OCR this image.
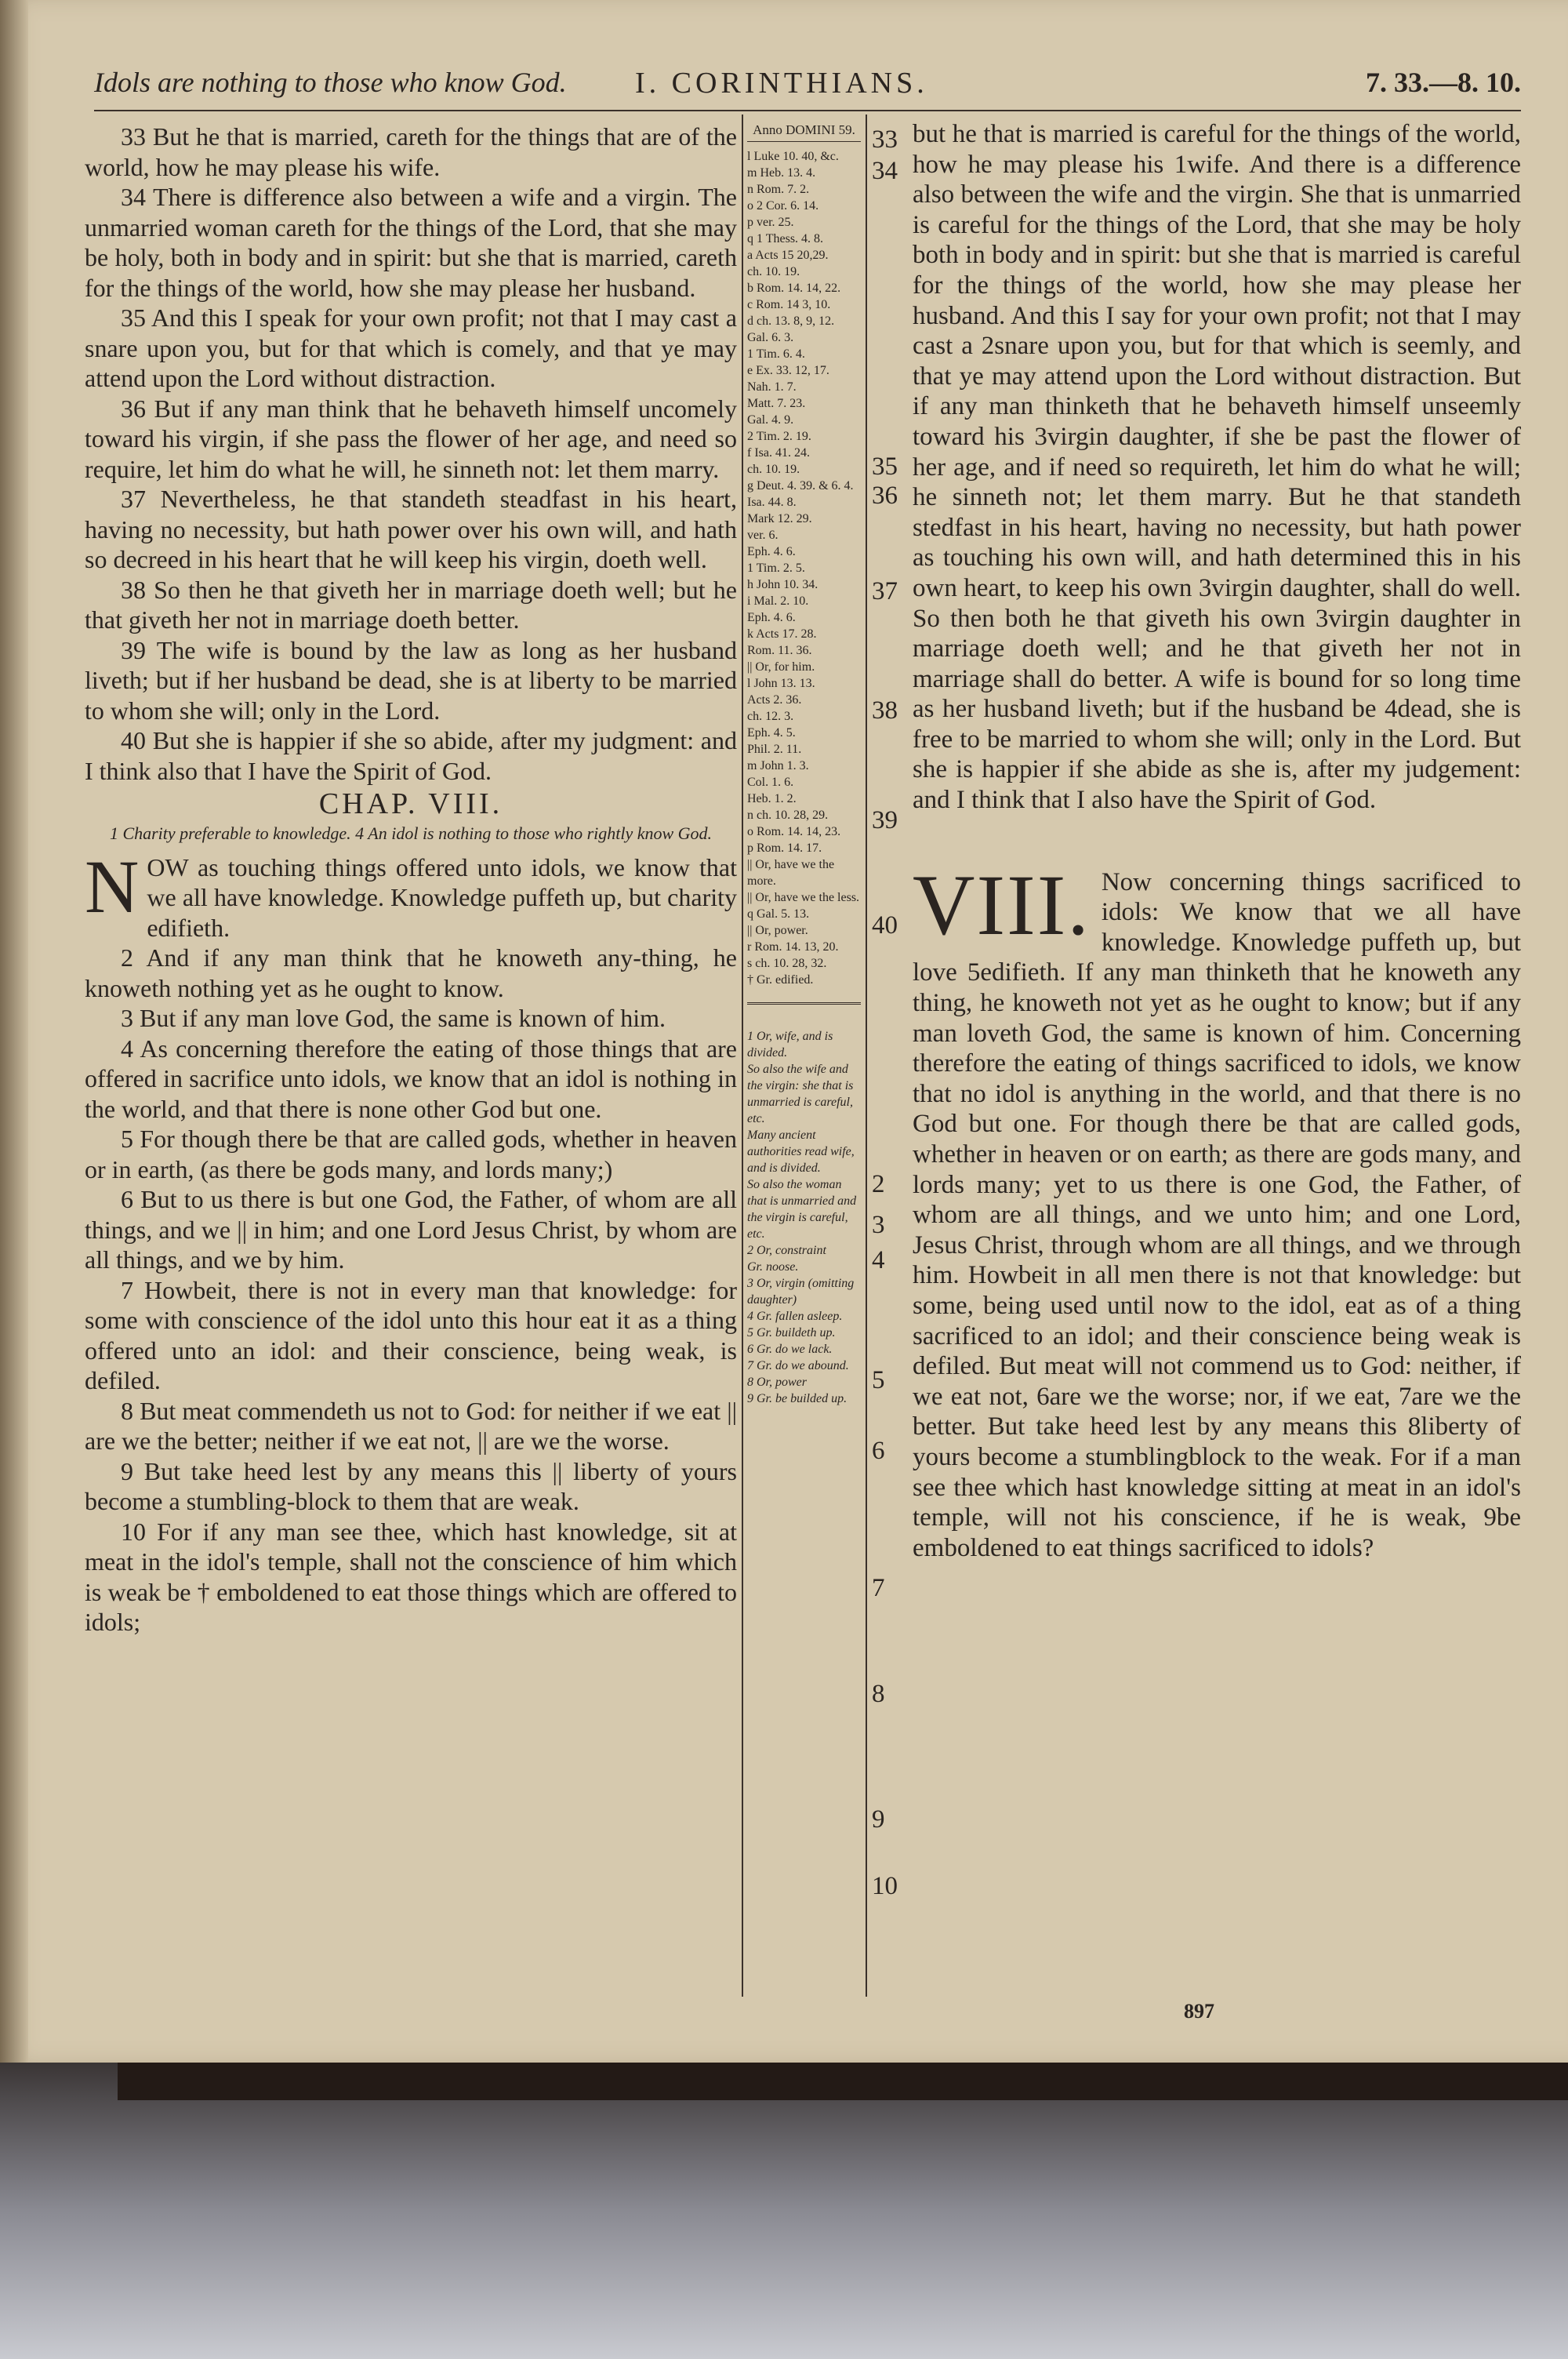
Idols are nothing to those who know God. I. CORINTHIANS.	7. 33.—8. 10.

33 But he that is married, careth for the things that are of the world, how he may please his wife.

34 There is difference also between a wife and a virgin. The unmarried woman careth for the things of the Lord, that she may be holy, both in body and in spirit: but she that is married, careth for the things of the world, how she may please her husband.

35 And this I speak for your own profit; not that I may cast a snare upon you, but for that which is comely, and that ye may attend upon the Lord without distraction.

36 But if any man think that he behaveth himself uncomely toward his virgin, if she pass the flower of her age, and need so require, let him do what he will, he sinneth not: let them marry.

37 Nevertheless, he that standeth steadfast in his heart, having no necessity, but hath power over his own will, and hath so decreed in his heart that he will keep his virgin, doeth well.

38 So then he that giveth her in marriage doeth well; but he that giveth her not in marriage doeth better.

39 The wife is bound by the law as long as her husband liveth; but if her husband be dead, she is at liberty to be married to whom she will; only in the Lord.

40 But she is happier if she so abide, after my judgment: and I think also that I have the Spirit of God.

CHAP. VIII.
1 Charity preferable to knowledge. 4 An idol is nothing to those who rightly know God.

NOW as touching things offered unto idols, we know that we all have knowledge. Knowledge puffeth up, but charity edifieth.

2 And if any man think that he knoweth any-thing, he knoweth nothing yet as he ought to know.

3 But if any man love God, the same is known of him.

4 As concerning therefore the eating of those things that are offered in sacrifice unto idols, we know that an idol is nothing in the world, and that there is none other God but one.

5 For though there be that are called gods, whether in heaven or in earth, (as there be gods many, and lords many;)

6 But to us there is but one God, the Father, of whom are all things, and we || in him; and one Lord Jesus Christ, by whom are all things, and we by him.

7 Howbeit, there is not in every man that knowledge: for some with conscience of the idol unto this hour eat it as a thing offered unto an idol: and their conscience, being weak, is defiled.

8 But meat commendeth us not to God: for neither if we eat || are we the better; neither if we eat not, || are we the worse.

9 But take heed lest by any means this || liberty of yours become a stumbling-block to them that are weak.

10 For if any man see thee, which hast knowledge, sit at meat in the idol's temple, shall not the conscience of him which is weak be † emboldened to eat those things which are offered to idols;

Anno DOMINI 59.
l Luke 10. 40, &c.
m Heb. 13. 4.
n Rom. 7. 2.
o 2 Cor. 6. 14.
p ver. 25.
q 1 Thess. 4. 8.
a Acts 15 20,29.
ch. 10. 19.
b Rom. 14. 14, 22.
c Rom. 14 3, 10.
d ch. 13. 8, 9, 12.
Gal. 6. 3.
1 Tim. 6. 4.
e Ex. 33. 12, 17.
Nah. 1. 7.
Matt. 7. 23.
Gal. 4. 9.
2 Tim. 2. 19.
f Isa. 41. 24.
ch. 10. 19.
g Deut. 4. 39. & 6. 4.
Isa. 44. 8.
Mark 12. 29.
ver. 6.
Eph. 4. 6.
1 Tim. 2. 5.
h John 10. 34.
i Mal. 2. 10.
Eph. 4. 6.
k Acts 17. 28.
Rom. 11. 36.
|| Or, for him.
l John 13. 13.
Acts 2. 36.
ch. 12. 3.
Eph. 4. 5.
Phil. 2. 11.
m John 1. 3.
Col. 1. 6.
Heb. 1. 2.
n ch. 10. 28, 29.
o Rom. 14. 14, 23.
p Rom. 14. 17.
|| Or, have we the more.
|| Or, have we the less.
q Gal. 5. 13.
|| Or, power.
r Rom. 14. 13, 20.
s ch. 10. 28, 32.
† Gr. edified.
1 Or, wife, and is divided.
So also the wife and the virgin: she that is unmarried is careful, etc.
Many ancient authorities read wife, and is divided.
So also the woman that is unmarried and the virgin is careful, etc.
2 Or, constraint
Gr. noose.
3 Or, virgin (omitting daughter)
4 Gr. fallen asleep.
5 Gr. buildeth up.
6 Gr. do we lack.
7 Gr. do we abound.
8 Or, power
9 Gr. be builded up.

but he that is married is careful for the things of the world, how he may please his 1wife. And there is a difference also between the wife and the virgin. She that is unmarried is careful for the things of the Lord, that she may be holy both in body and in spirit: but she that is married is careful for the things of the world, how she may please her husband. And this I say for your own profit; not that I may cast a 2snare upon you, but for that which is seemly, and that ye may attend upon the Lord without distraction. But if any man thinketh that he behaveth himself unseemly toward his 3virgin daughter, if she be past the flower of her age, and if need so requireth, let him do what he will; he sinneth not; let them marry. But he that standeth stedfast in his heart, having no necessity, but hath power as touching his own will, and hath determined this in his own heart, to keep his own 3virgin daughter, shall do well. So then both he that giveth his own 3virgin daughter in marriage doeth well; and he that giveth her not in marriage shall do better. A wife is bound for so long time as her husband liveth; but if the husband be 4dead, she is free to be married to whom she will; only in the Lord. But she is happier if she abide as she is, after my judgement: and I think that I also have the Spirit of God.

VIII. Now concerning things sacrificed to idols: We know that we all have knowledge. Knowledge puffeth up, but love 5edifieth. If any man thinketh that he knoweth any thing, he knoweth not yet as he ought to know; but if any man loveth God, the same is known of him. Concerning therefore the eating of things sacrificed to idols, we know that no idol is anything in the world, and that there is no God but one. For though there be that are called gods, whether in heaven or on earth; as there are gods many, and lords many; yet to us there is one God, the Father, of whom are all things, and we unto him; and one Lord, Jesus Christ, through whom are all things, and we through him. Howbeit in all men there is not that knowledge: but some, being used until now to the idol, eat as of a thing sacrificed to an idol; and their conscience being weak is defiled. But meat will not commend us to God: neither, if we eat not, 6are we the worse; nor, if we eat, 7are we the better. But take heed lest by any means this 8liberty of yours become a stumblingblock to the weak. For if a man see thee which hast knowledge sitting at meat in an idol's temple, will not his conscience, if he is weak, 9be emboldened to eat things sacrificed to idols?

33
34
35
36
37
38
39
40
2
3
4
5
6
7
8
9
10
897
